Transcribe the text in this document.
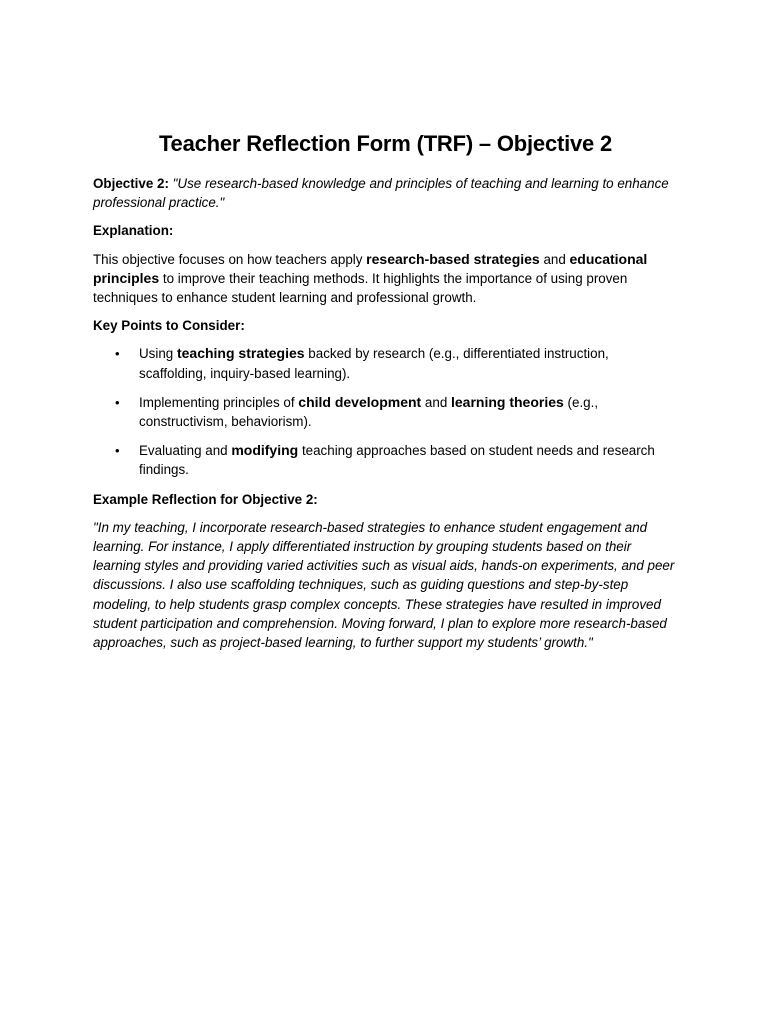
Teacher Reflection Form (TRF) – Objective 2

Objective 2: "Use research-based knowledge and principles of teaching and learning to enhance professional practice."

Explanation:

This objective focuses on how teachers apply research-based strategies and educational principles to improve their teaching methods. It highlights the importance of using proven techniques to enhance student learning and professional growth.

Key Points to Consider:
• Using teaching strategies backed by research (e.g., differentiated instruction, scaffolding, inquiry-based learning).
• Implementing principles of child development and learning theories (e.g., constructivism, behaviorism).
• Evaluating and modifying teaching approaches based on student needs and research findings.
Example Reflection for Objective 2:

"In my teaching, I incorporate research-based strategies to enhance student engagement and learning. For instance, I apply differentiated instruction by grouping students based on their learning styles and providing varied activities such as visual aids, hands-on experiments, and peer discussions. I also use scaffolding techniques, such as guiding questions and step-by-step modeling, to help students grasp complex concepts. These strategies have resulted in improved student participation and comprehension. Moving forward, I plan to explore more research-based approaches, such as project-based learning, to further support my students’ growth."
